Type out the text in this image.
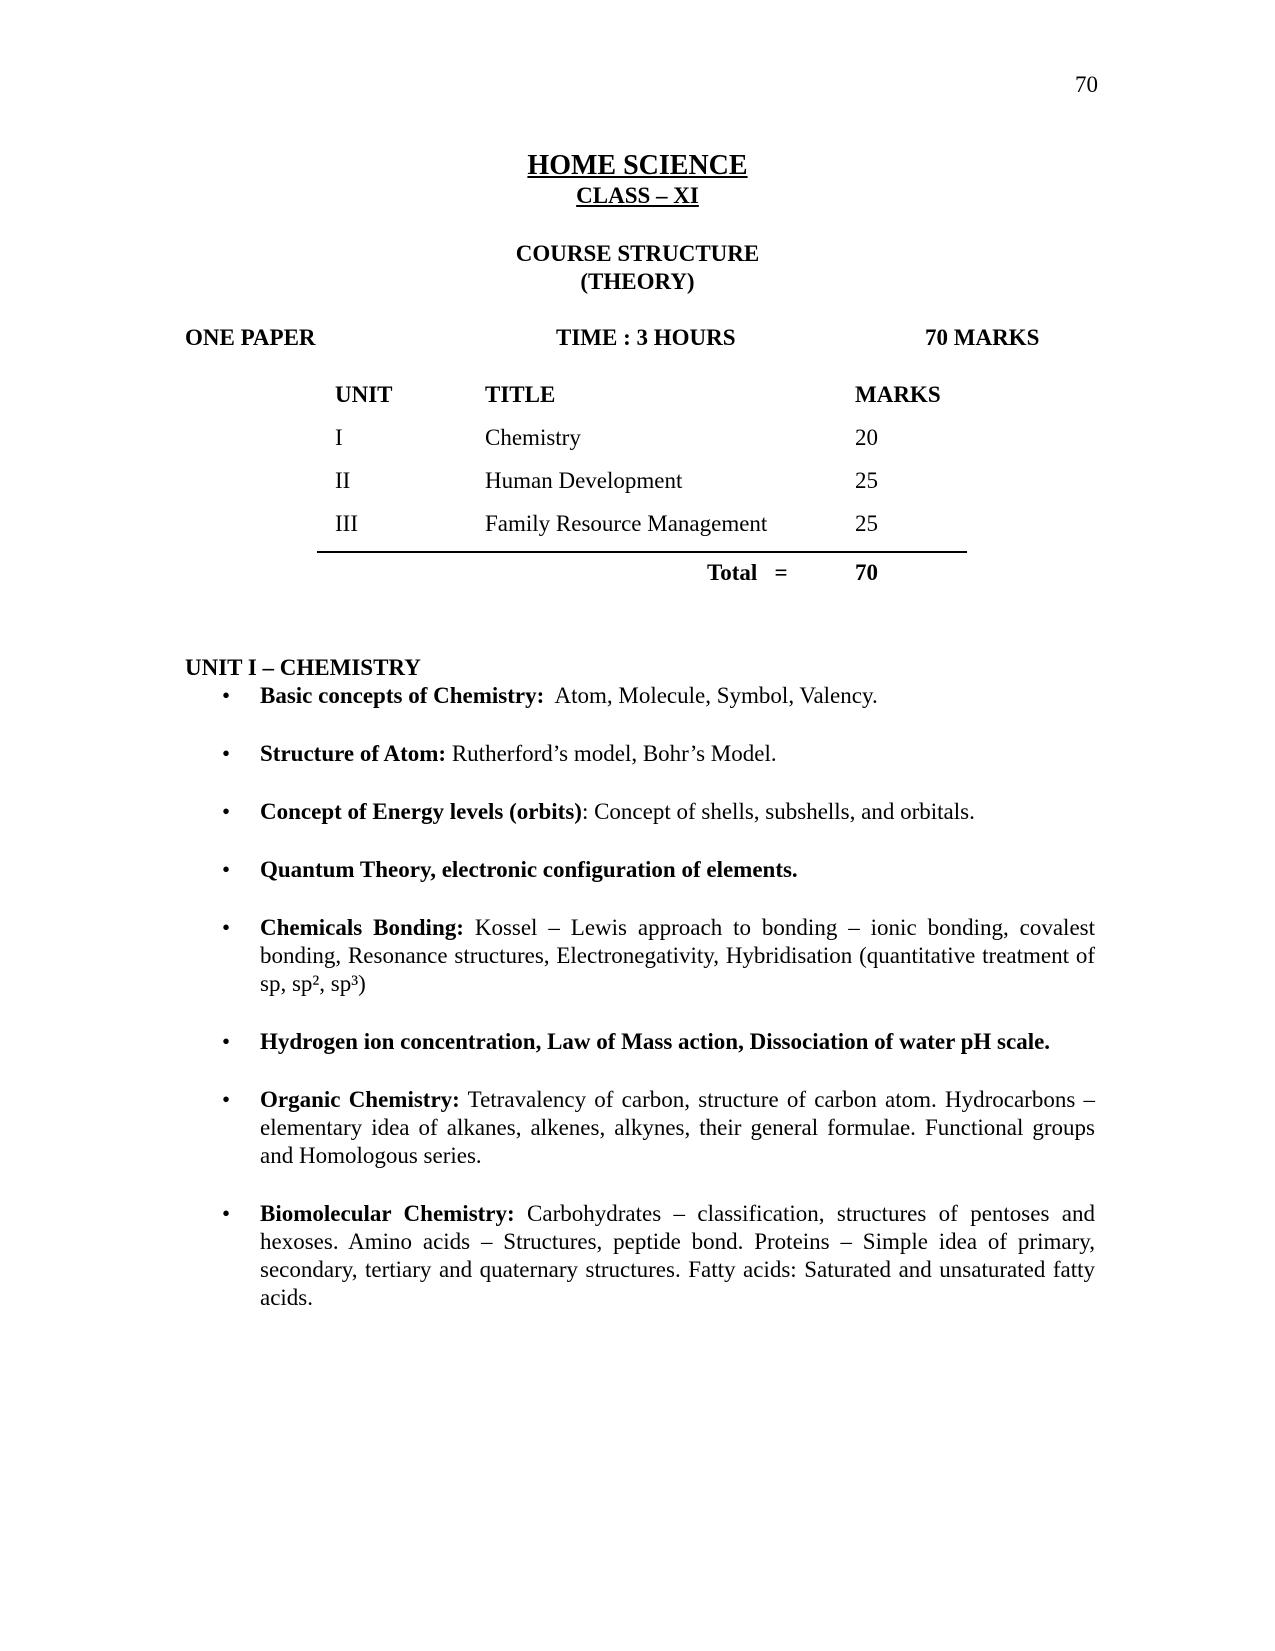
70
HOME SCIENCE
CLASS – XI
COURSE STRUCTURE
(THEORY)
ONE PAPER	TIME : 3 HOURS	70 MARKS
UNIT	TITLE	MARKS
I	Chemistry	20
II	Human Development	25
III	Family Resource Management	25
Total   =	70
UNIT I – CHEMISTRY
• Basic concepts of Chemistry:  Atom, Molecule, Symbol, Valency.
• Structure of Atom: Rutherford’s model, Bohr’s Model.
• Concept of Energy levels (orbits): Concept of shells, subshells, and orbitals.
• Quantum Theory, electronic configuration of elements.
• Chemicals Bonding: Kossel – Lewis approach to bonding – ionic bonding, covalest bonding, Resonance structures, Electronegativity, Hybridisation (quantitative treatment of sp, sp², sp³)
• Hydrogen ion concentration, Law of Mass action, Dissociation of water pH scale.
• Organic Chemistry: Tetravalency of carbon, structure of carbon atom. Hydrocarbons – elementary idea of alkanes, alkenes, alkynes, their general formulae. Functional groups and Homologous series.
• Biomolecular Chemistry: Carbohydrates – classification, structures of pentoses and hexoses. Amino acids – Structures, peptide bond. Proteins – Simple idea of primary, secondary, tertiary and quaternary structures. Fatty acids: Saturated and unsaturated fatty acids.
